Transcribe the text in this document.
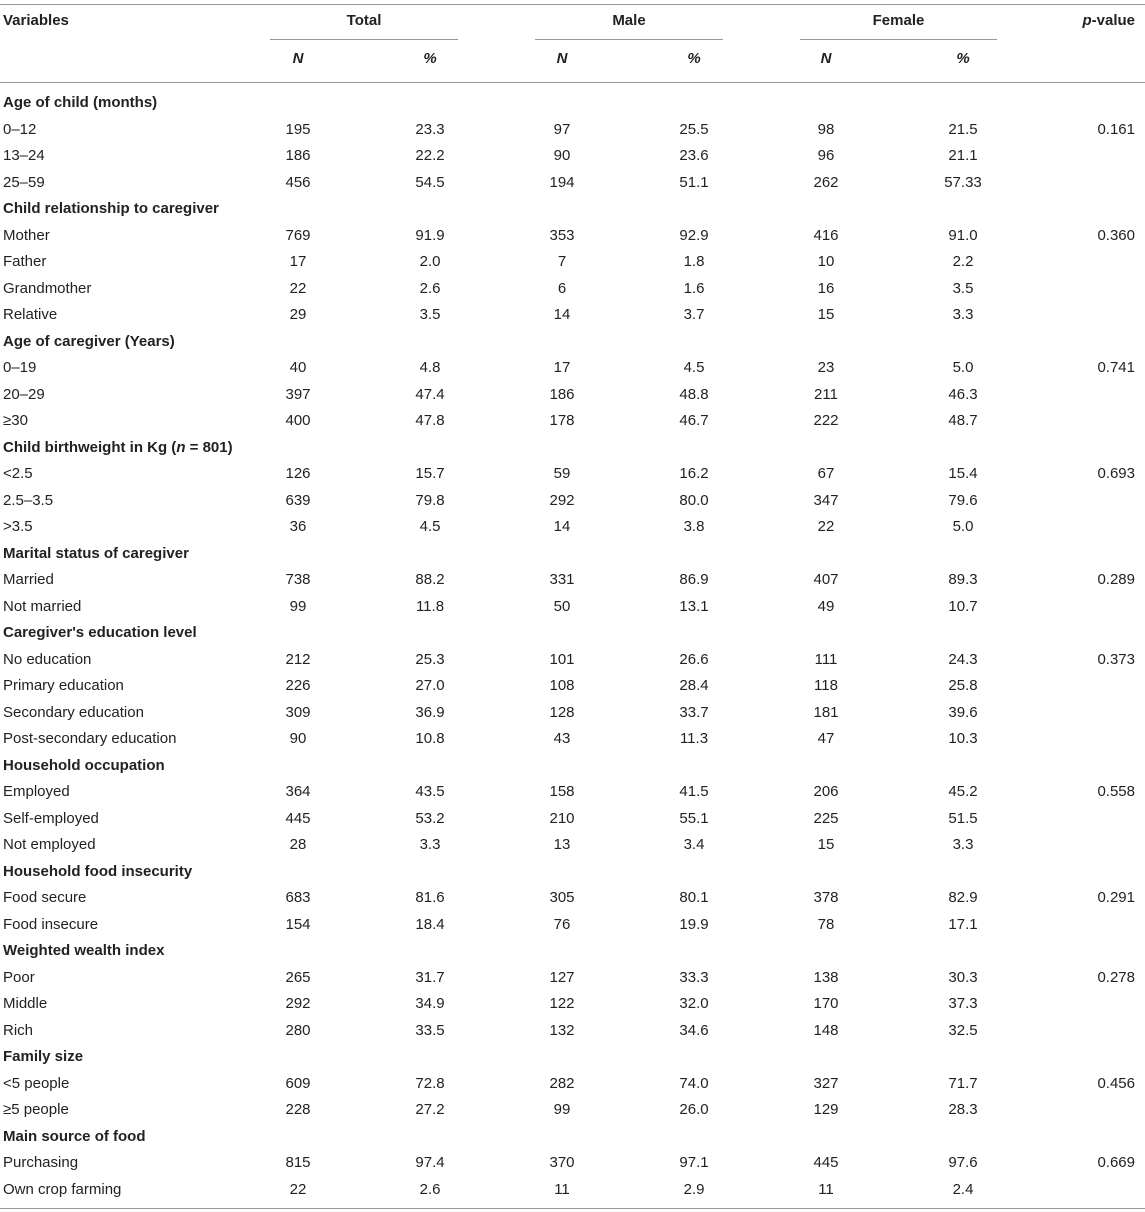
Variables	Total	Male	Female	p-value
N	%	N	%	N	%
Age of child (months)
0–12	195	23.3	97	25.5	98	21.5	0.161
13–24	186	22.2	90	23.6	96	21.1
25–59	456	54.5	194	51.1	262	57.33
Child relationship to caregiver
Mother	769	91.9	353	92.9	416	91.0	0.360
Father	17	2.0	7	1.8	10	2.2
Grandmother	22	2.6	6	1.6	16	3.5
Relative	29	3.5	14	3.7	15	3.3
Age of caregiver (Years)
0–19	40	4.8	17	4.5	23	5.0	0.741
20–29	397	47.4	186	48.8	211	46.3
≥30	400	47.8	178	46.7	222	48.7
Child birthweight in Kg (n = 801)
<2.5	126	15.7	59	16.2	67	15.4	0.693
2.5–3.5	639	79.8	292	80.0	347	79.6
>3.5	36	4.5	14	3.8	22	5.0
Marital status of caregiver
Married	738	88.2	331	86.9	407	89.3	0.289
Not married	99	11.8	50	13.1	49	10.7
Caregiver's education level
No education	212	25.3	101	26.6	111	24.3	0.373
Primary education	226	27.0	108	28.4	118	25.8
Secondary education	309	36.9	128	33.7	181	39.6
Post-secondary education	90	10.8	43	11.3	47	10.3
Household occupation
Employed	364	43.5	158	41.5	206	45.2	0.558
Self-employed	445	53.2	210	55.1	225	51.5
Not employed	28	3.3	13	3.4	15	3.3
Household food insecurity
Food secure	683	81.6	305	80.1	378	82.9	0.291
Food insecure	154	18.4	76	19.9	78	17.1
Weighted wealth index
Poor	265	31.7	127	33.3	138	30.3	0.278
Middle	292	34.9	122	32.0	170	37.3
Rich	280	33.5	132	34.6	148	32.5
Family size
<5 people	609	72.8	282	74.0	327	71.7	0.456
≥5 people	228	27.2	99	26.0	129	28.3
Main source of food
Purchasing	815	97.4	370	97.1	445	97.6	0.669
Own crop farming	22	2.6	11	2.9	11	2.4
